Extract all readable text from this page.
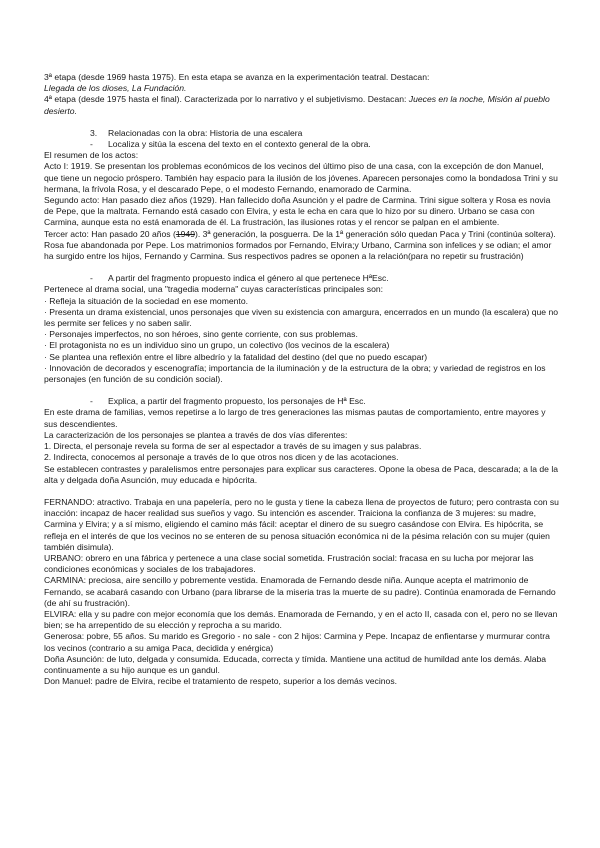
3ª etapa (desde 1969 hasta 1975). En esta etapa se avanza en la experimentación teatral. Destacan:

Llegada de los dioses, La Fundación.

4ª etapa (desde 1975 hasta el final). Caracterizada por lo narrativo y el subjetivismo. Destacan: Jueces en la noche, Misión al pueblo desierto.

3. Relacionadas con la obra: Historia de una escalera

- Localiza y sitúa la escena del texto en el contexto general de la obra.

El resumen de los actos:

Acto I: 1919. Se presentan los problemas económicos de los vecinos del último piso de una casa, con la excepción de don Manuel, que tiene un negocio próspero. También hay espacio para la ilusión de los jóvenes. Aparecen personajes como la bondadosa Trini y su hermana, la frívola Rosa, y el descarado Pepe, o el modesto Fernando, enamorado de Carmina.

Segundo acto: Han pasado diez años (1929). Han fallecido doña Asunción y el padre de Carmina. Trini sigue soltera y Rosa es novia de Pepe, que la maltrata. Fernando está casado con Elvira, y esta le echa en cara que lo hizo por su dinero. Urbano se casa con Carmina, aunque esta no está enamorada de él. La frustración, las ilusiones rotas y el rencor se palpan en el ambiente.

Tercer acto: Han pasado 20 años (1949). 3ª generación, la posguerra. De la 1ª generación sólo quedan Paca y Trini (continúa soltera). Rosa fue abandonada por Pepe. Los matrimonios formados por Fernando, Elvira;y Urbano, Carmina son infelices y se odian; el amor ha surgido entre los hijos, Fernando y Carmina. Sus respectivos padres se oponen a la relación(para no repetir su frustración)

- A partir del fragmento propuesto indica el género al que pertenece HªEsc.

Pertenece al drama social, una "tragedia moderna" cuyas características principales son:

· Refleja la situación de la sociedad en ese momento.

· Presenta un drama existencial, unos personajes que viven su existencia con amargura, encerrados en un mundo (la escalera) que no les permite ser felices y no saben salir.

· Personajes imperfectos, no son héroes, sino gente corriente, con sus problemas.

· El protagonista no es un individuo sino un grupo, un colectivo (los vecinos de la escalera)

· Se plantea una reflexión entre el libre albedrío y la fatalidad del destino (del que no puedo escapar)

· Innovación de decorados y escenografía; importancia de la iluminación y de la estructura de la obra; y variedad de registros en los personajes (en función de su condición social).

- Explica, a partir del fragmento propuesto, los personajes de Hª Esc.

En este drama de familias, vemos repetirse a lo largo de tres generaciones las mismas pautas de comportamiento, entre mayores y sus descendientes.

La caracterización de los personajes se plantea a través de dos vías diferentes:

1. Directa, el personaje revela su forma de ser al espectador a través de su imagen y sus palabras.

2. Indirecta, conocemos al personaje a través de lo que otros nos dicen y de las acotaciones.

Se establecen contrastes y paralelismos entre personajes para explicar sus caracteres. Opone la obesa de Paca, descarada; a la de la alta y delgada doña Asunción, muy educada e hipócrita.

FERNANDO: atractivo. Trabaja en una papelería, pero no le gusta y tiene la cabeza llena de proyectos de futuro; pero contrasta con su inacción: incapaz de hacer realidad sus sueños y vago. Su intención es ascender. Traiciona la confianza de 3 mujeres: su madre, Carmina y Elvira; y a sí mismo, eligiendo el camino más fácil: aceptar el dinero de su suegro casándose con Elvira. Es hipócrita, se refleja en el interés de que los vecinos no se enteren de su penosa situación económica ni de la pésima relación con su mujer (quien también disimula).

URBANO: obrero en una fábrica y pertenece a una clase social sometida. Frustración social: fracasa en su lucha por mejorar las condiciones económicas y sociales de los trabajadores.

CARMINA: preciosa, aire sencillo y pobremente vestida. Enamorada de Fernando desde niña. Aunque acepta el matrimonio de Fernando, se acabará casando con Urbano (para librarse de la miseria tras la muerte de su padre). Continúa enamorada de Fernando (de ahí su frustración).

ELVIRA: ella y su padre con mejor economía que los demás. Enamorada de Fernando, y en el acto II, casada con el, pero no se llevan bien; se ha arrepentido de su elección y reprocha a su marido.

Generosa: pobre, 55 años. Su marido es Gregorio - no sale - con 2 hijos: Carmina y Pepe. Incapaz de enfientarse y murmurar contra los vecinos (contrario a su amiga Paca, decidida y enérgica)

Doña Asunción: de luto, delgada y consumida. Educada, correcta y tímida. Mantiene una actitud de humildad ante los demás. Alaba continuamente a su hijo aunque es un gandul.

Don Manuel: padre de Elvira, recibe el tratamiento de respeto, superior a los demás vecinos.
